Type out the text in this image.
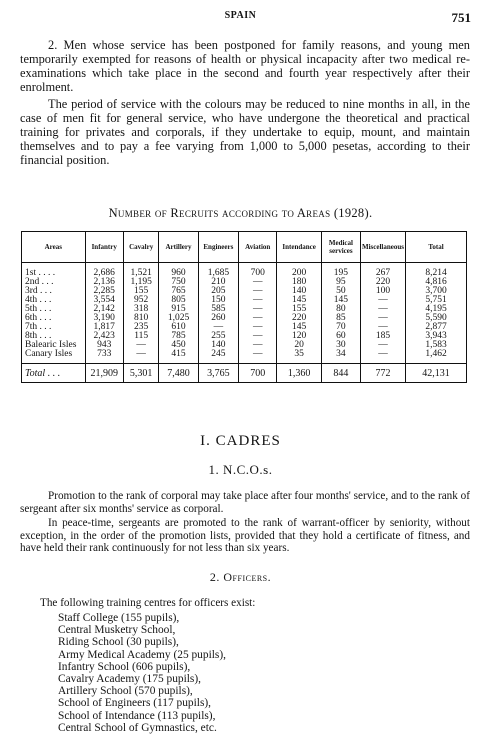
SPAIN	751

2. Men whose service has been postponed for family reasons, and young men temporarily exempted for reasons of health or physical incapacity after two medical re-examinations which take place in the second and fourth year respectively after their enrolment.

The period of service with the colours may be reduced to nine months in all, in the case of men fit for general service, who have undergone the theoretical and practical training for privates and corporals, if they undertake to equip, mount, and maintain themselves and to pay a fee varying from 1,000 to 5,000 pesetas, according to their financial position.

Number of Recruits according to Areas (1928).
Areas	Infantry	Cavalry	Artillery	Engineers	Aviation	Intendance	Medical services	Miscellaneous	Total
1st . . . .	2,686	1,521	960	1,685	700	200	195	267	8,214
2nd . . .	2,136	1,195	750	210	—	180	95	220	4,816
3rd . . .	2,285	155	765	205	—	140	50	100	3,700
4th . . .	3,554	952	805	150	—	145	145	—	5,751
5th . . .	2,142	318	915	585	—	155	80	—	4,195
6th . . .	3,190	810	1,025	260	—	220	85	—	5,590
7th . . .	1,817	235	610	—	—	145	70	—	2,877
8th . . .	2,423	115	785	255	—	120	60	185	3,943
Balearic Isles	943	—	450	140	—	20	30	—	1,583
Canary Isles	733	—	415	245	—	35	34	—	1,462
Total . . .	21,909	5,301	7,480	3,765	700	1,360	844	772	42,131
I. CADRES
1. N.C.O.s.

Promotion to the rank of corporal may take place after four months' service, and to the rank of sergeant after six months' service as corporal.

In peace-time, sergeants are promoted to the rank of warrant-officer by seniority, without exception, in the order of the promotion lists, provided that they hold a certificate of fitness, and have held their rank continuously for not less than six years.

2. Officers.

The following training centres for officers exist:

Staff College (155 pupils),
Central Musketry School,
Riding School (30 pupils),
Army Medical Academy (25 pupils),
Infantry School (606 pupils),
Cavalry Academy (175 pupils),
Artillery School (570 pupils),
School of Engineers (117 pupils),
School of Intendance (113 pupils),
Central School of Gymnastics, etc.
